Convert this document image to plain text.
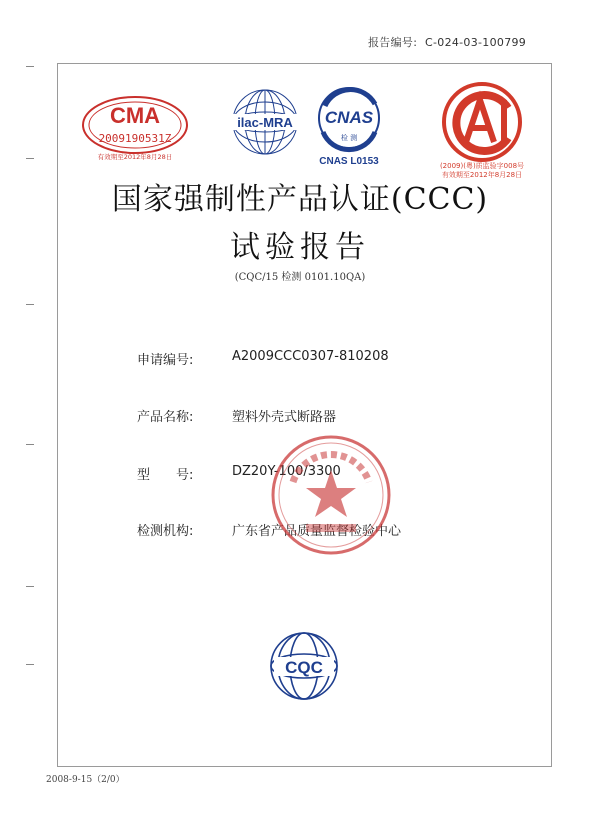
报告编号: C-024-03-100799
CMA
2009190531Z
有效期至2012年8月28日
ilac-MRA CNAS
检 测
CNAS L0153	(2009)(粤)质监验字008号
有效期至2012年8月28日
国家强制性产品认证(CCC)
试验报告
(CQC/15 检测 0101.10QA)
申请编号:	A2009CCC0307-810208
产品名称:	塑料外壳式断路器
型　　号:	DZ20Y-100/3300
检测机构:	广东省产品质量监督检验中心
CQC
2008-9-15（2/0）
